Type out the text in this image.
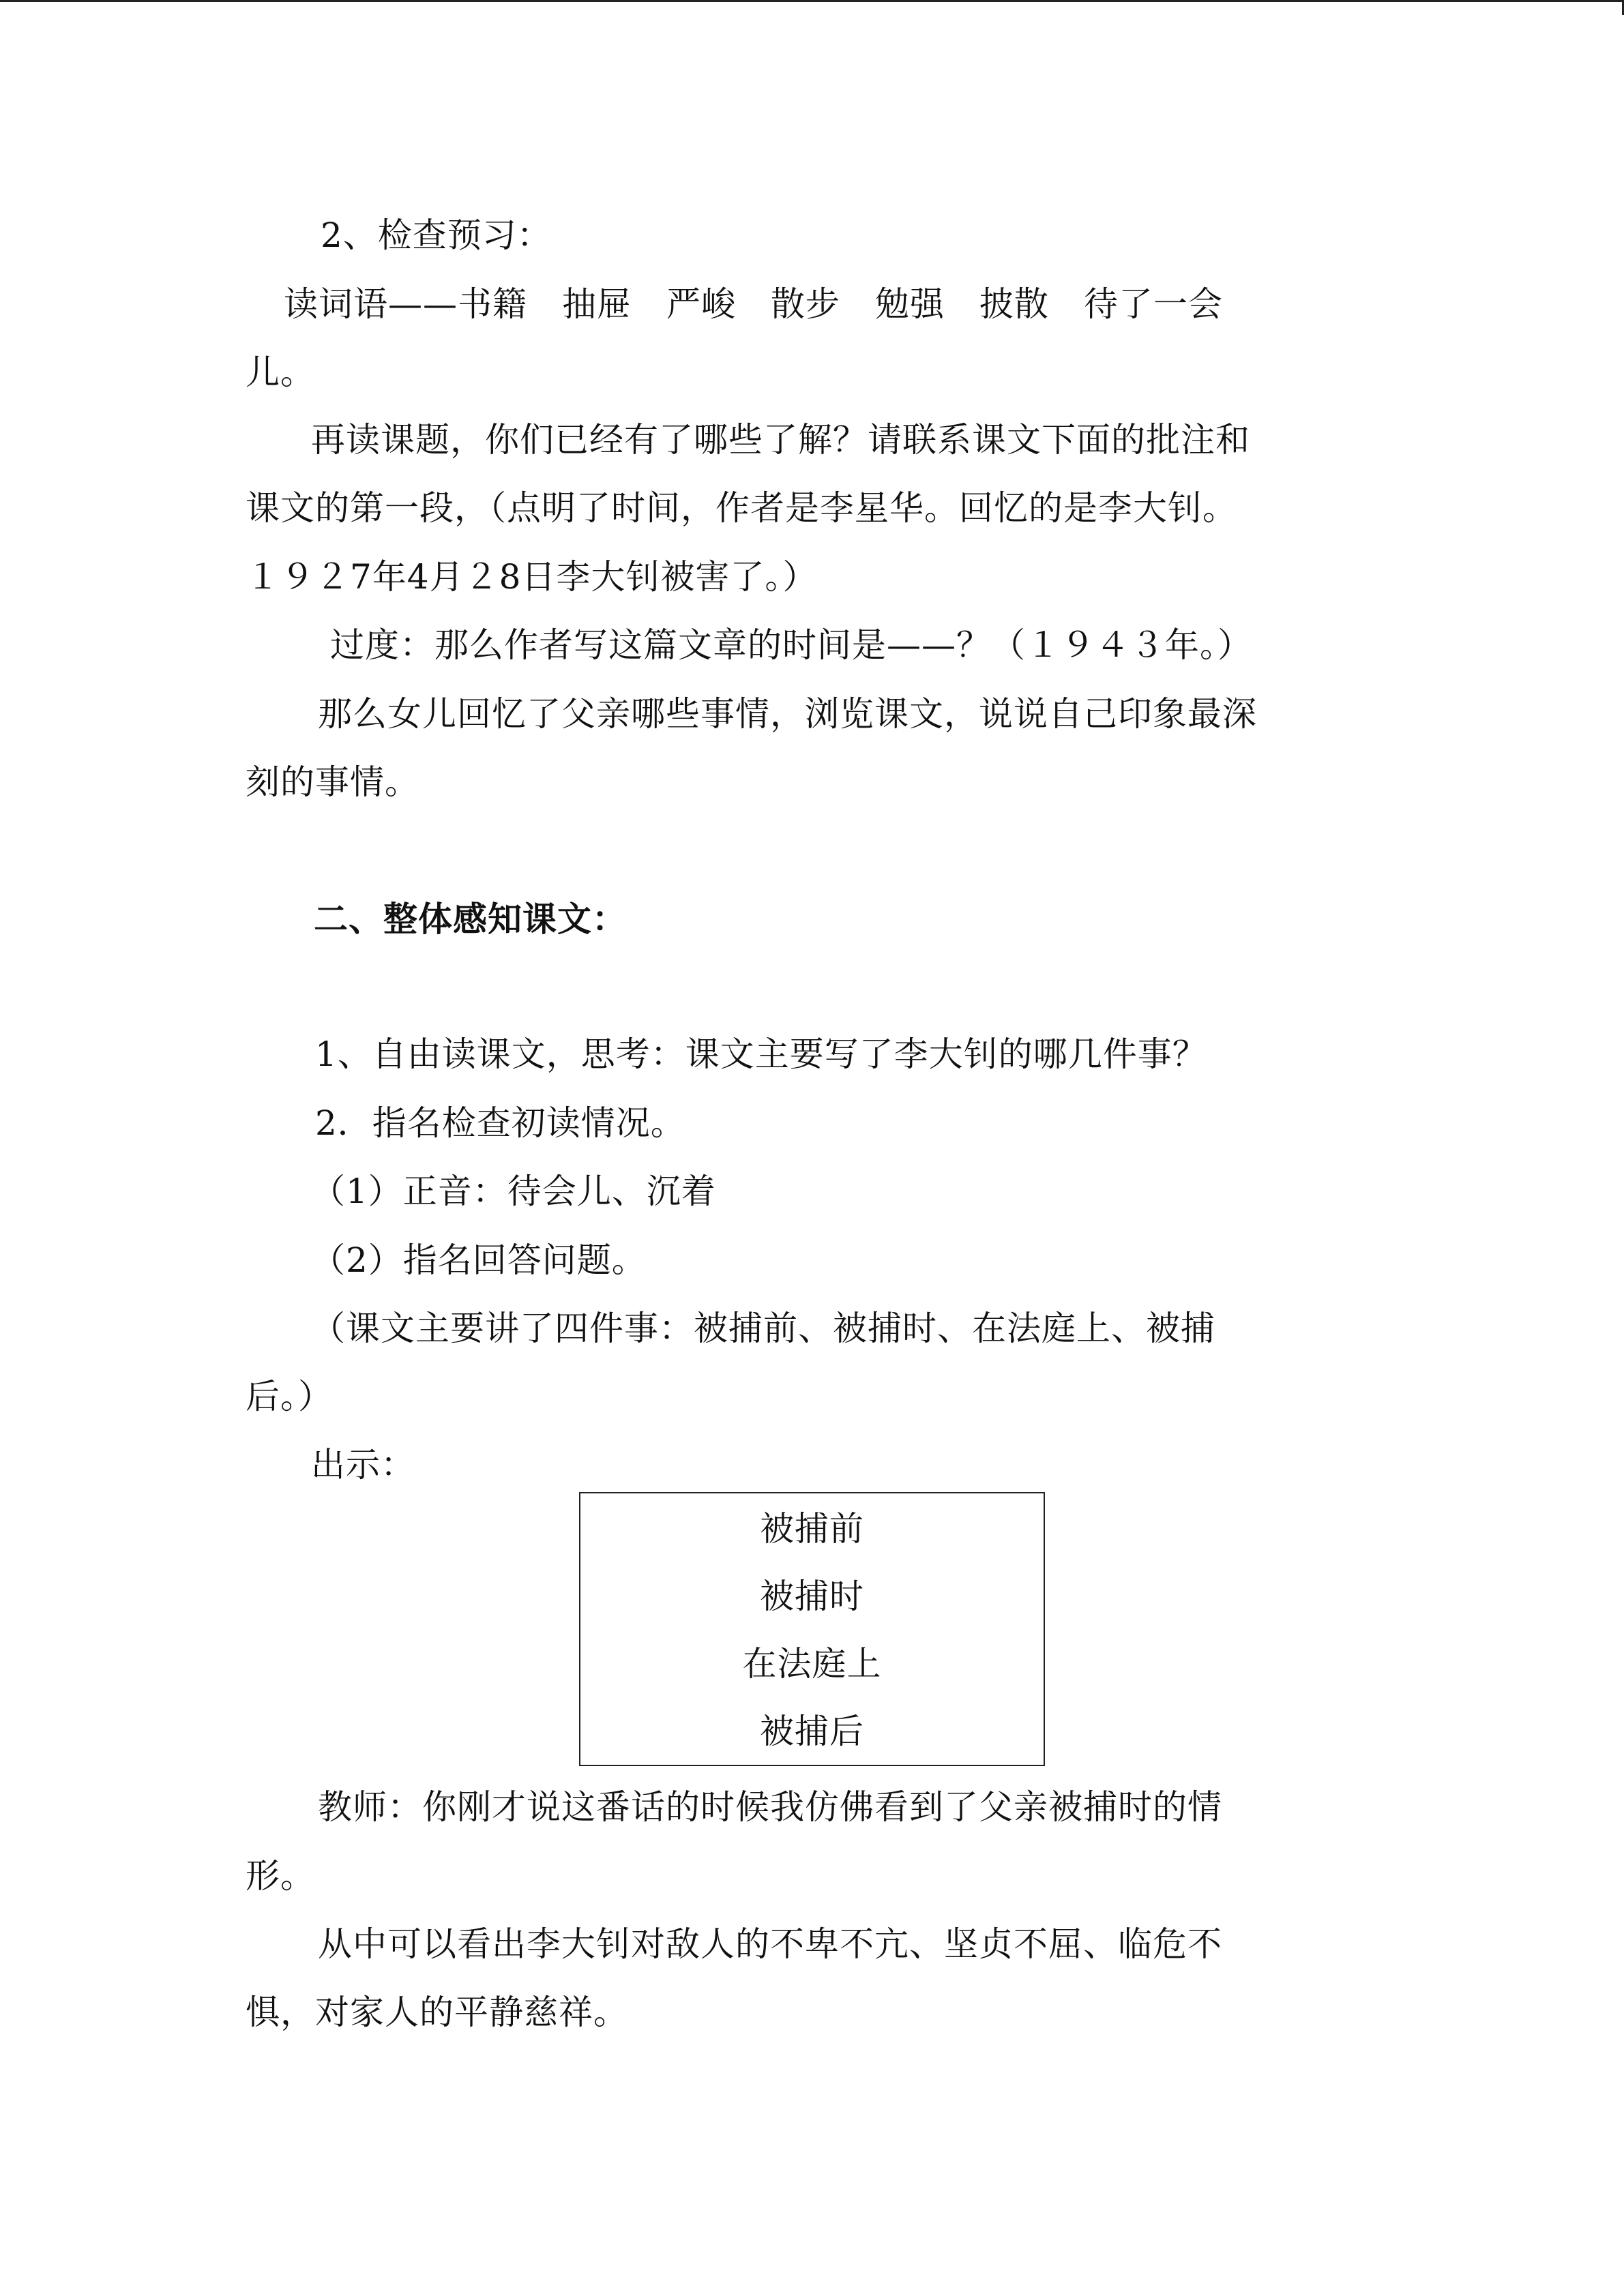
2、检查预习：
读词语——书籍　抽屉　严峻　散步　勉强　披散　待了一会
儿。
再读课题，你们已经有了哪些了解？请联系课文下面的批注和
课文的第一段，（点明了时间，作者是李星华。回忆的是李大钊。
１９２7年4月２8日李大钊被害了。）
过度：那么作者写这篇文章的时间是——？（１９４３年。）
那么女儿回忆了父亲哪些事情，浏览课文，说说自己印象最深
刻的事情。
二、整体感知课文：
1、自由读课文，思考：课文主要写了李大钊的哪几件事？
2．指名检查初读情况。
（1）正音：待会儿、沉着
（2）指名回答问题。
（课文主要讲了四件事：被捕前、被捕时、在法庭上、被捕
后。）
出示：
被捕前
被捕时
在法庭上
被捕后
教师：你刚才说这番话的时候我仿佛看到了父亲被捕时的情
形。
从中可以看出李大钊对敌人的不卑不亢、坚贞不屈、临危不
惧，对家人的平静慈祥。
